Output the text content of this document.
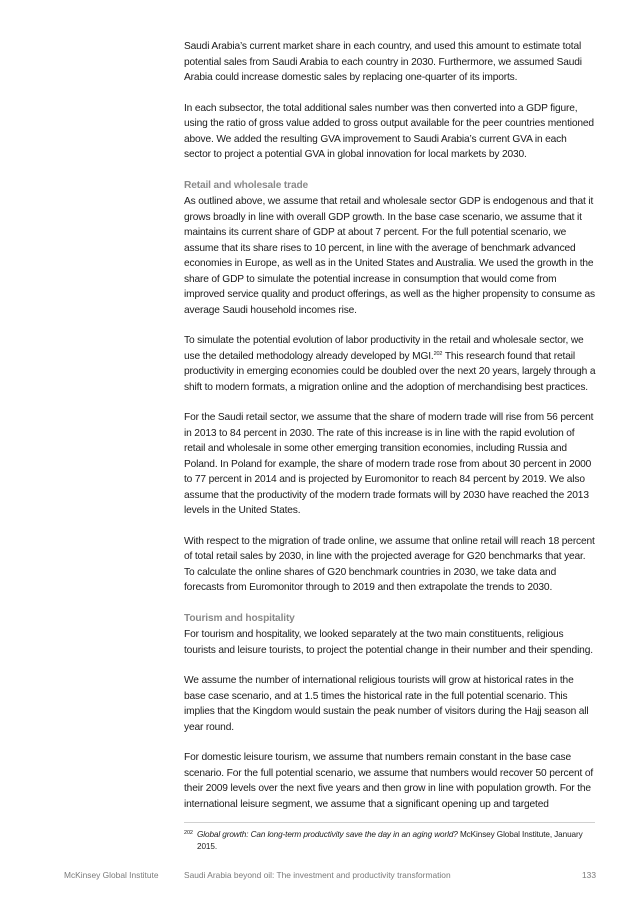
Saudi Arabia’s current market share in each country, and used this amount to estimate total potential sales from Saudi Arabia to each country in 2030. Furthermore, we assumed Saudi Arabia could increase domestic sales by replacing one-quarter of its imports.

In each subsector, the total additional sales number was then converted into a GDP figure, using the ratio of gross value added to gross output available for the peer countries mentioned above. We added the resulting GVA improvement to Saudi Arabia’s current GVA in each sector to project a potential GVA in global innovation for local markets by 2030.

Retail and wholesale trade

As outlined above, we assume that retail and wholesale sector GDP is endogenous and that it grows broadly in line with overall GDP growth. In the base case scenario, we assume that it maintains its current share of GDP at about 7 percent. For the full potential scenario, we assume that its share rises to 10 percent, in line with the average of benchmark advanced economies in Europe, as well as in the United States and Australia. We used the growth in the share of GDP to simulate the potential increase in consumption that would come from improved service quality and product offerings, as well as the higher propensity to consume as average Saudi household incomes rise.

To simulate the potential evolution of labor productivity in the retail and wholesale sector, we use the detailed methodology already developed by MGI.$^{202}$ This research found that retail productivity in emerging economies could be doubled over the next 20 years, largely through a shift to modern formats, a migration online and the adoption of merchandising best practices.

For the Saudi retail sector, we assume that the share of modern trade will rise from 56 percent in 2013 to 84 percent in 2030. The rate of this increase is in line with the rapid evolution of retail and wholesale in some other emerging transition economies, including Russia and Poland. In Poland for example, the share of modern trade rose from about 30 percent in 2000 to 77 percent in 2014 and is projected by Euromonitor to reach 84 percent by 2019. We also assume that the productivity of the modern trade formats will by 2030 have reached the 2013 levels in the United States.

With respect to the migration of trade online, we assume that online retail will reach 18 percent of total retail sales by 2030, in line with the projected average for G20 benchmarks that year. To calculate the online shares of G20 benchmark countries in 2030, we take data and forecasts from Euromonitor through to 2019 and then extrapolate the trends to 2030.

Tourism and hospitality

For tourism and hospitality, we looked separately at the two main constituents, religious tourists and leisure tourists, to project the potential change in their number and their spending.

We assume the number of international religious tourists will grow at historical rates in the base case scenario, and at 1.5 times the historical rate in the full potential scenario. This implies that the Kingdom would sustain the peak number of visitors during the Hajj season all year round.

For domestic leisure tourism, we assume that numbers remain constant in the base case scenario. For the full potential scenario, we assume that numbers would recover 50 percent of their 2009 levels over the next five years and then grow in line with population growth. For the international leisure segment, we assume that a significant opening up and targeted

202 Global growth: Can long-term productivity save the day in an aging world? McKinsey Global Institute, January 2015.
McKinsey Global Institute	Saudi Arabia beyond oil: The investment and productivity transformation	133
